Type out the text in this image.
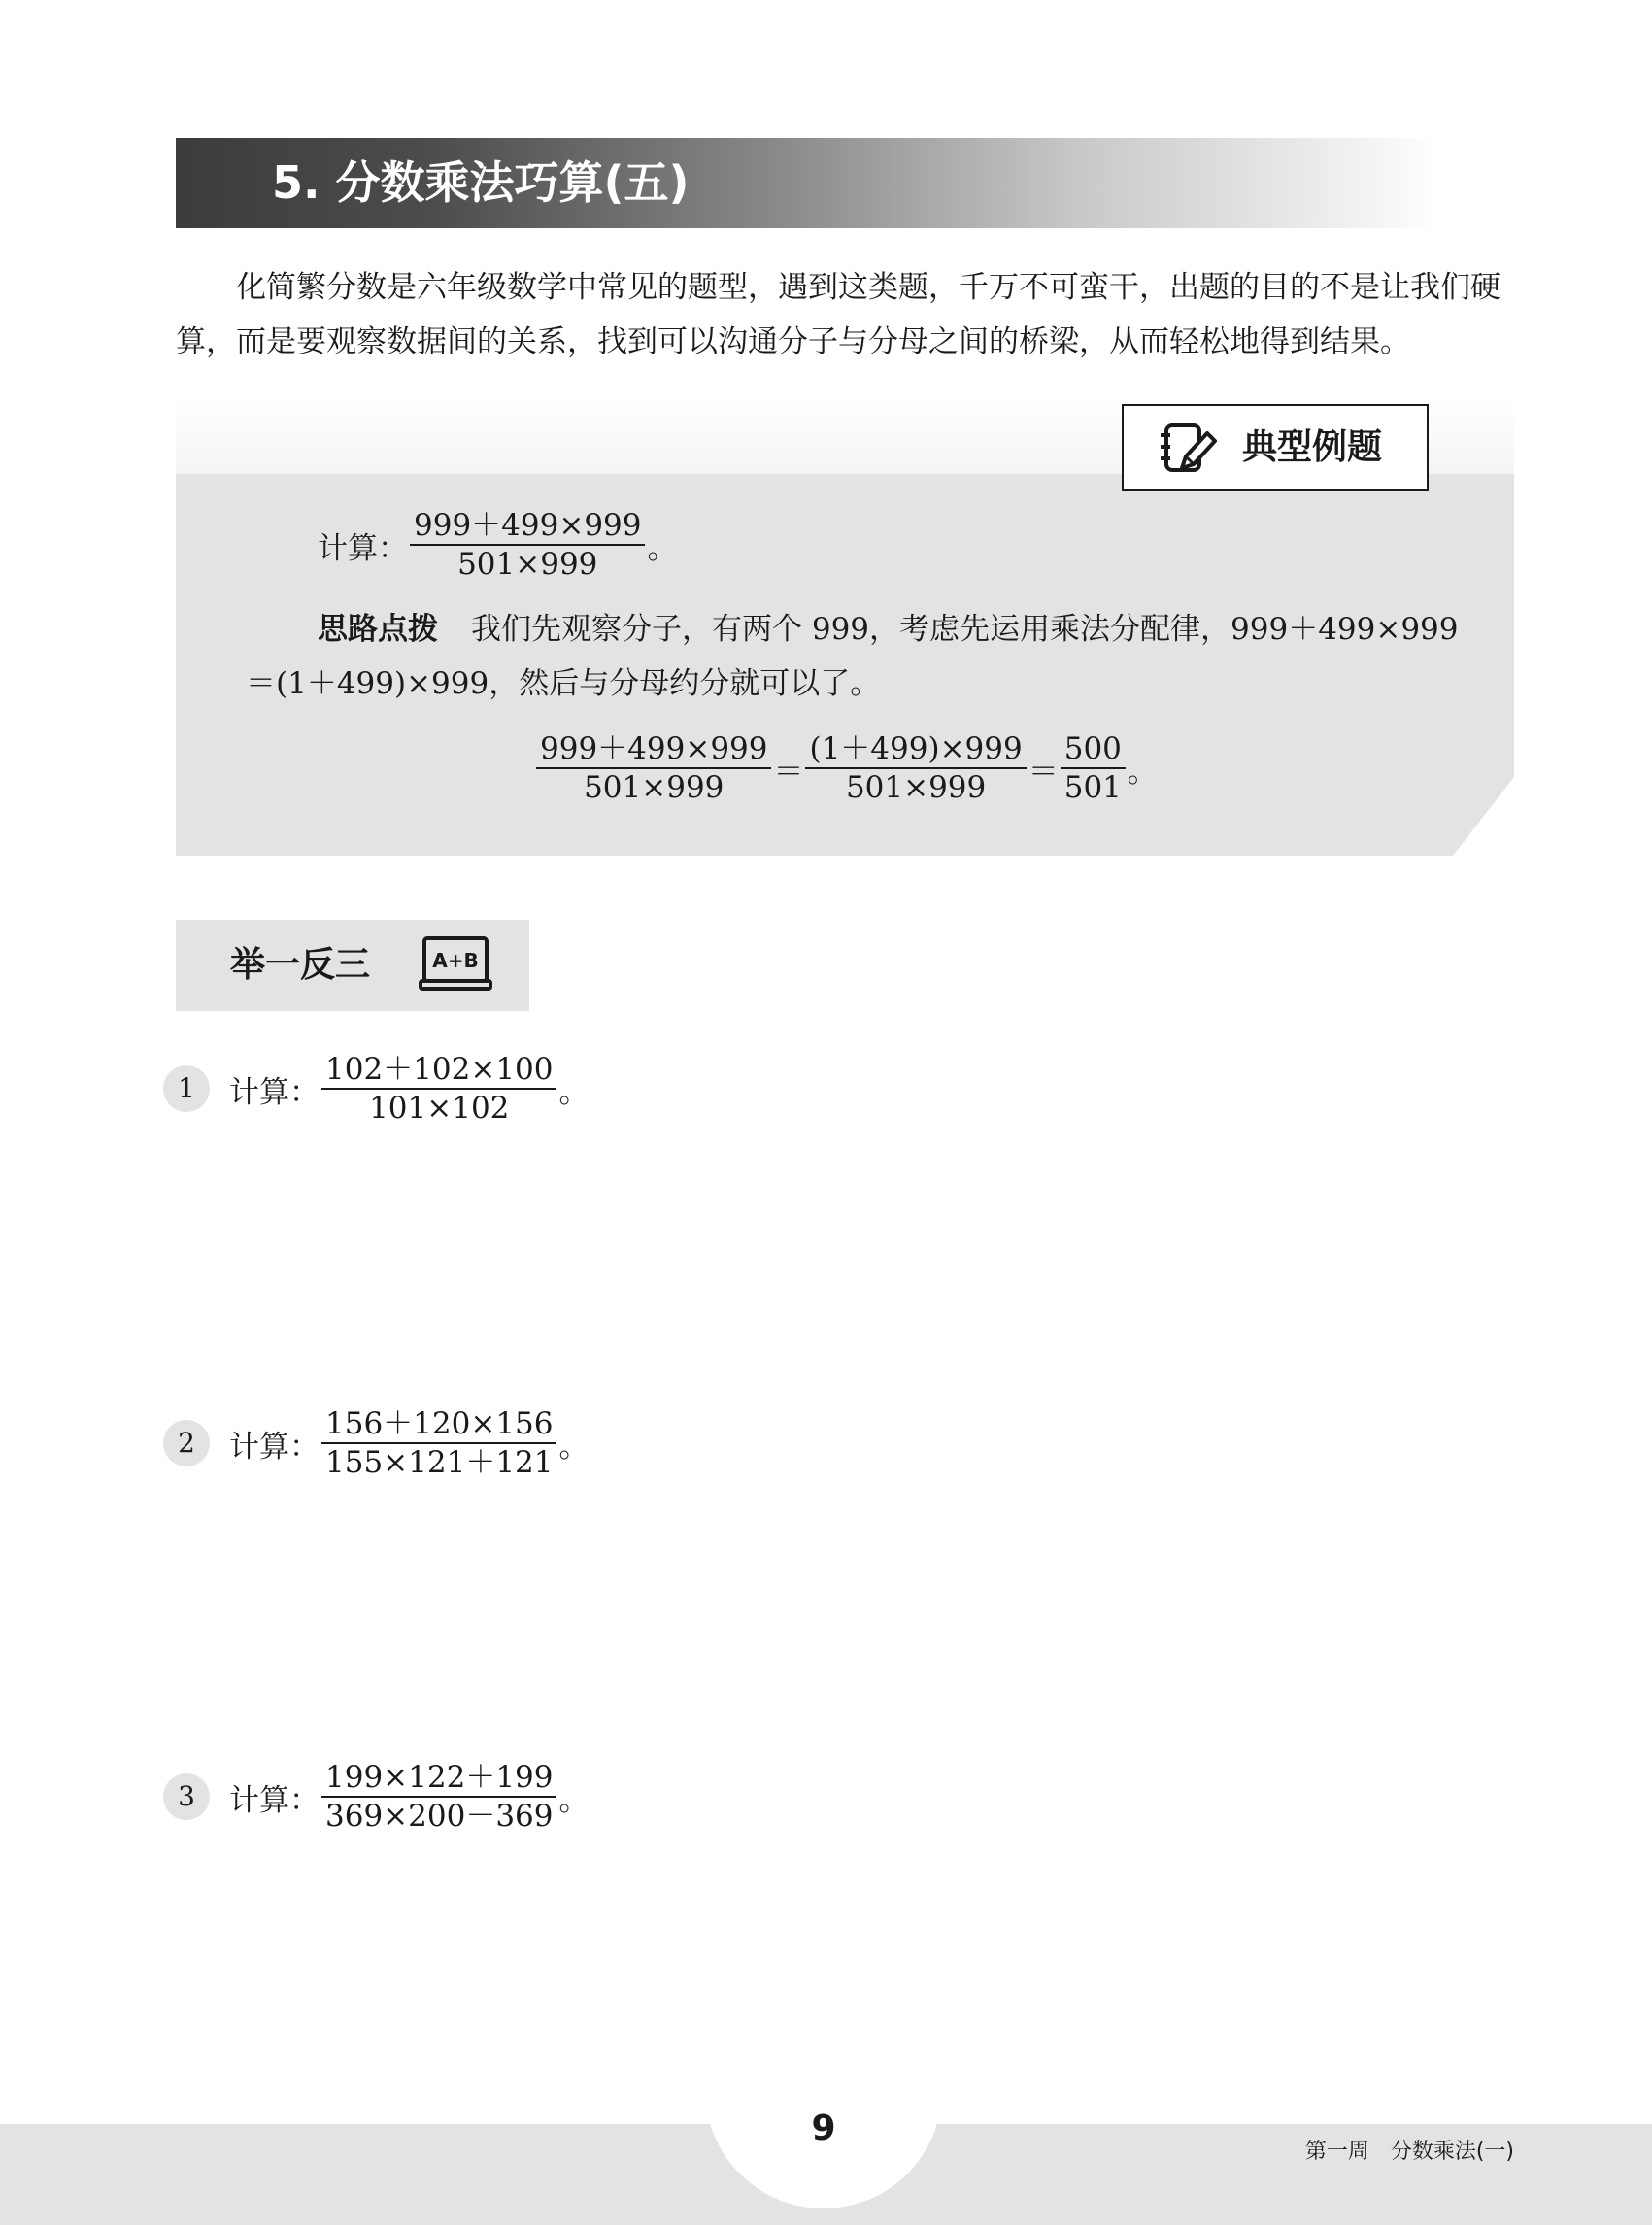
5. 分数乘法巧算(五)

化简繁分数是六年级数学中常见的题型，遇到这类题，千万不可蛮干，出题的目的不是让我们硬算，而是要观察数据间的关系，找到可以沟通分子与分母之间的桥梁，从而轻松地得到结果。

典型例题
计算： $\frac{999+499\times 999}{501\times 999}$ 。
思路点拨 我们先观察分子，有两个 999，考虑先运用乘法分配律，999＋499×999
＝(1＋499)×999，然后与分母约分就可以了。
$\frac{999+499\times 999}{501\times 999} = \frac{(1+499)\times 999}{501\times 999} = \frac{500}{501}$ 。
举一反三	A+B
1	计算： $\frac{102+102\times 100}{101\times 102}$ 。
2	计算： $\frac{156+120\times 156}{155\times 121+121}$ 。
3	计算： $\frac{199\times 122+199}{369\times 200-369}$ 。
9
第一周　分数乘法(一)
